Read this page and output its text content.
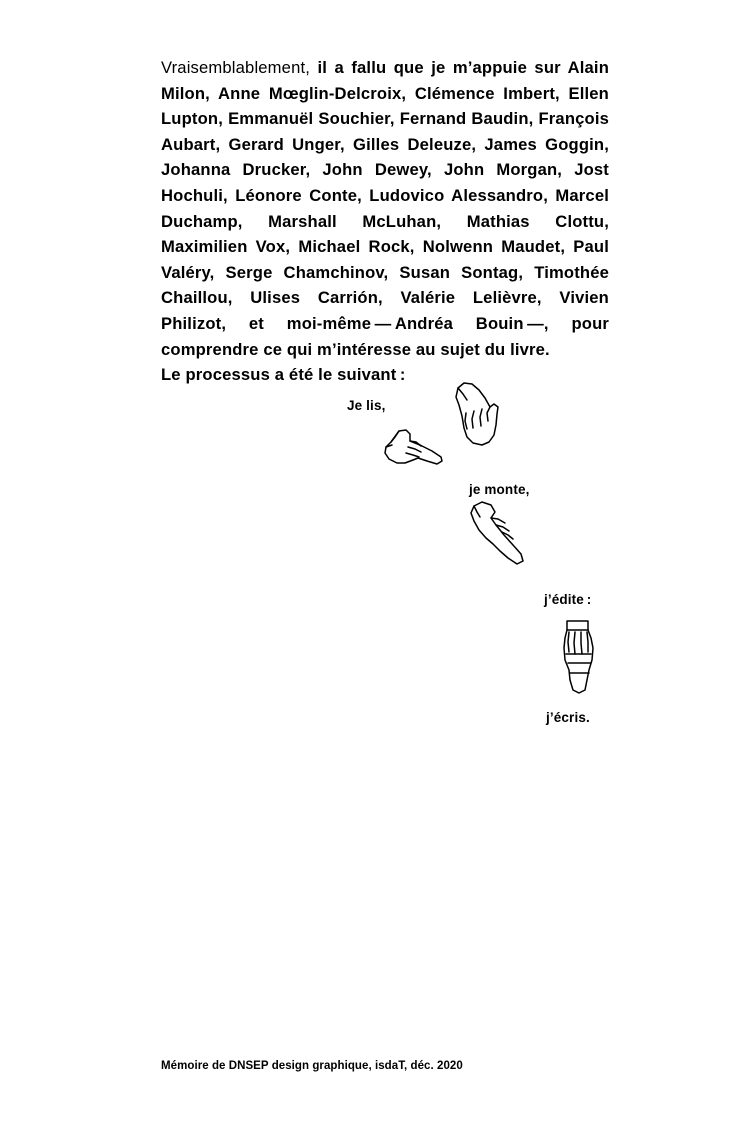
Vraisemblablement, il a fallu que je m’appuie sur Alain Milon, Anne Mœglin-Delcroix, Clémence Imbert, Ellen Lupton, Emmanuël Souchier, Fernand Baudin, François Aubart, Gerard Unger, Gilles Deleuze, James Goggin, Johanna Drucker, John Dewey, John Morgan, Jost Hochuli, Léonore Conte, Ludovico Alessandro, Marcel Duchamp, Marshall McLuhan, Mathias Clottu, Maximilien Vox, Michael Rock, Nolwenn Maudet, Paul Valéry, Serge Chamchinov, Susan Sontag, Timothée Chaillou, Ulises Carrión, Valérie Lelièvre, Vivien Philizot, et moi-même — Andréa Bouin —, pour comprendre ce qui m’intéresse au sujet du livre.
Le processus a été le suivant :
Je lis,
je monte,
j’édite :
j’écris.
Mémoire de DNSEP design graphique, isdaT, déc. 2020
